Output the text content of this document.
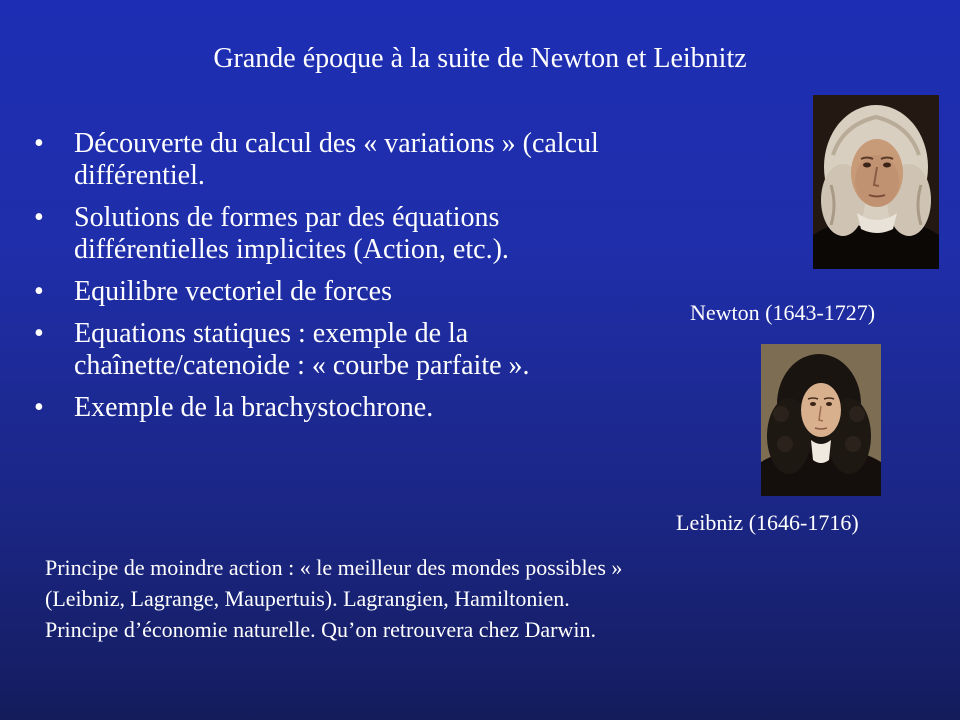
Grande époque à la suite de Newton et Leibnitz
• Découverte du calcul des « variations » (calcul
différentiel.
• Solutions de formes par des équations
différentielles implicites (Action, etc.).
• Equilibre vectoriel de forces
• Equations statiques : exemple de la
chaînette/catenoide : « courbe parfaite ».
• Exemple de la brachystochrone.
Newton (1643-1727)
Leibniz (1646-1716)
Principe de moindre action : « le meilleur des mondes possibles »
(Leibniz, Lagrange, Maupertuis). Lagrangien, Hamiltonien.
Principe d’économie naturelle. Qu’on retrouvera chez Darwin.
